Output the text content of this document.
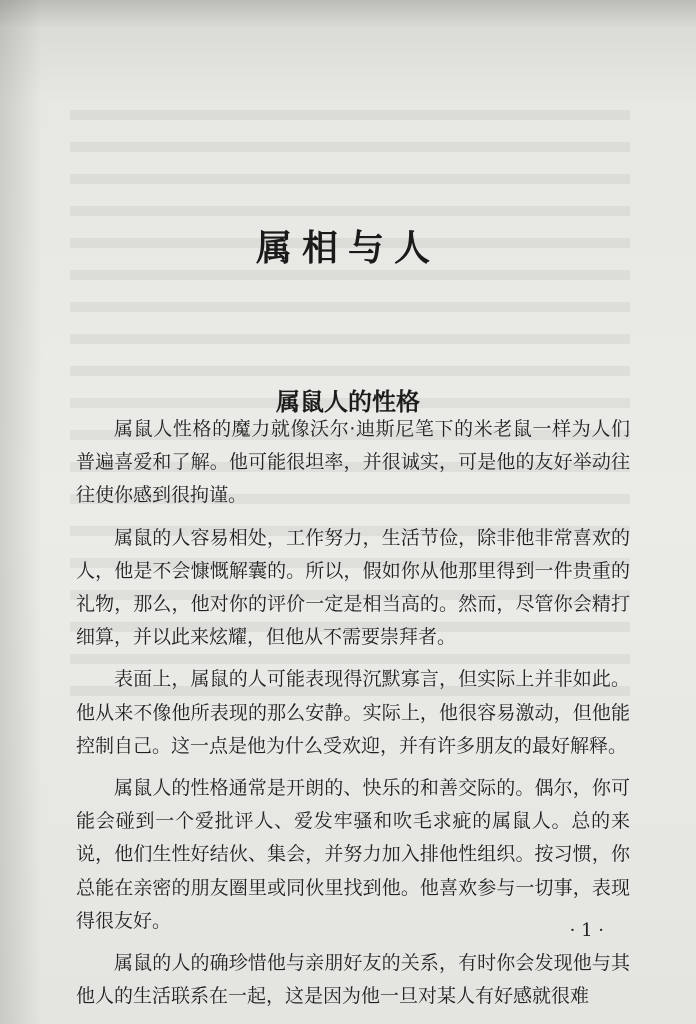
属相与人
属鼠人的性格

属鼠人性格的魔力就像沃尔·迪斯尼笔下的米老鼠一样为人们普遍喜爱和了解。他可能很坦率，并很诚实，可是他的友好举动往往使你感到很拘谨。

属鼠的人容易相处，工作努力，生活节俭，除非他非常喜欢的人，他是不会慷慨解囊的。所以，假如你从他那里得到一件贵重的礼物，那么，他对你的评价一定是相当高的。然而，尽管你会精打细算，并以此来炫耀，但他从不需要崇拜者。

表面上，属鼠的人可能表现得沉默寡言，但实际上并非如此。他从来不像他所表现的那么安静。实际上，他很容易激动，但他能控制自己。这一点是他为什么受欢迎，并有许多朋友的最好解释。

属鼠人的性格通常是开朗的、快乐的和善交际的。偶尔，你可能会碰到一个爱批评人、爱发牢骚和吹毛求疵的属鼠人。总的来说，他们生性好结伙、集会，并努力加入排他性组织。按习惯，你总能在亲密的朋友圈里或同伙里找到他。他喜欢参与一切事，表现得很友好。

属鼠的人的确珍惜他与亲朋好友的关系，有时你会发现他与其他人的生活联系在一起，这是因为他一旦对某人有好感就很难

· 1 ·
